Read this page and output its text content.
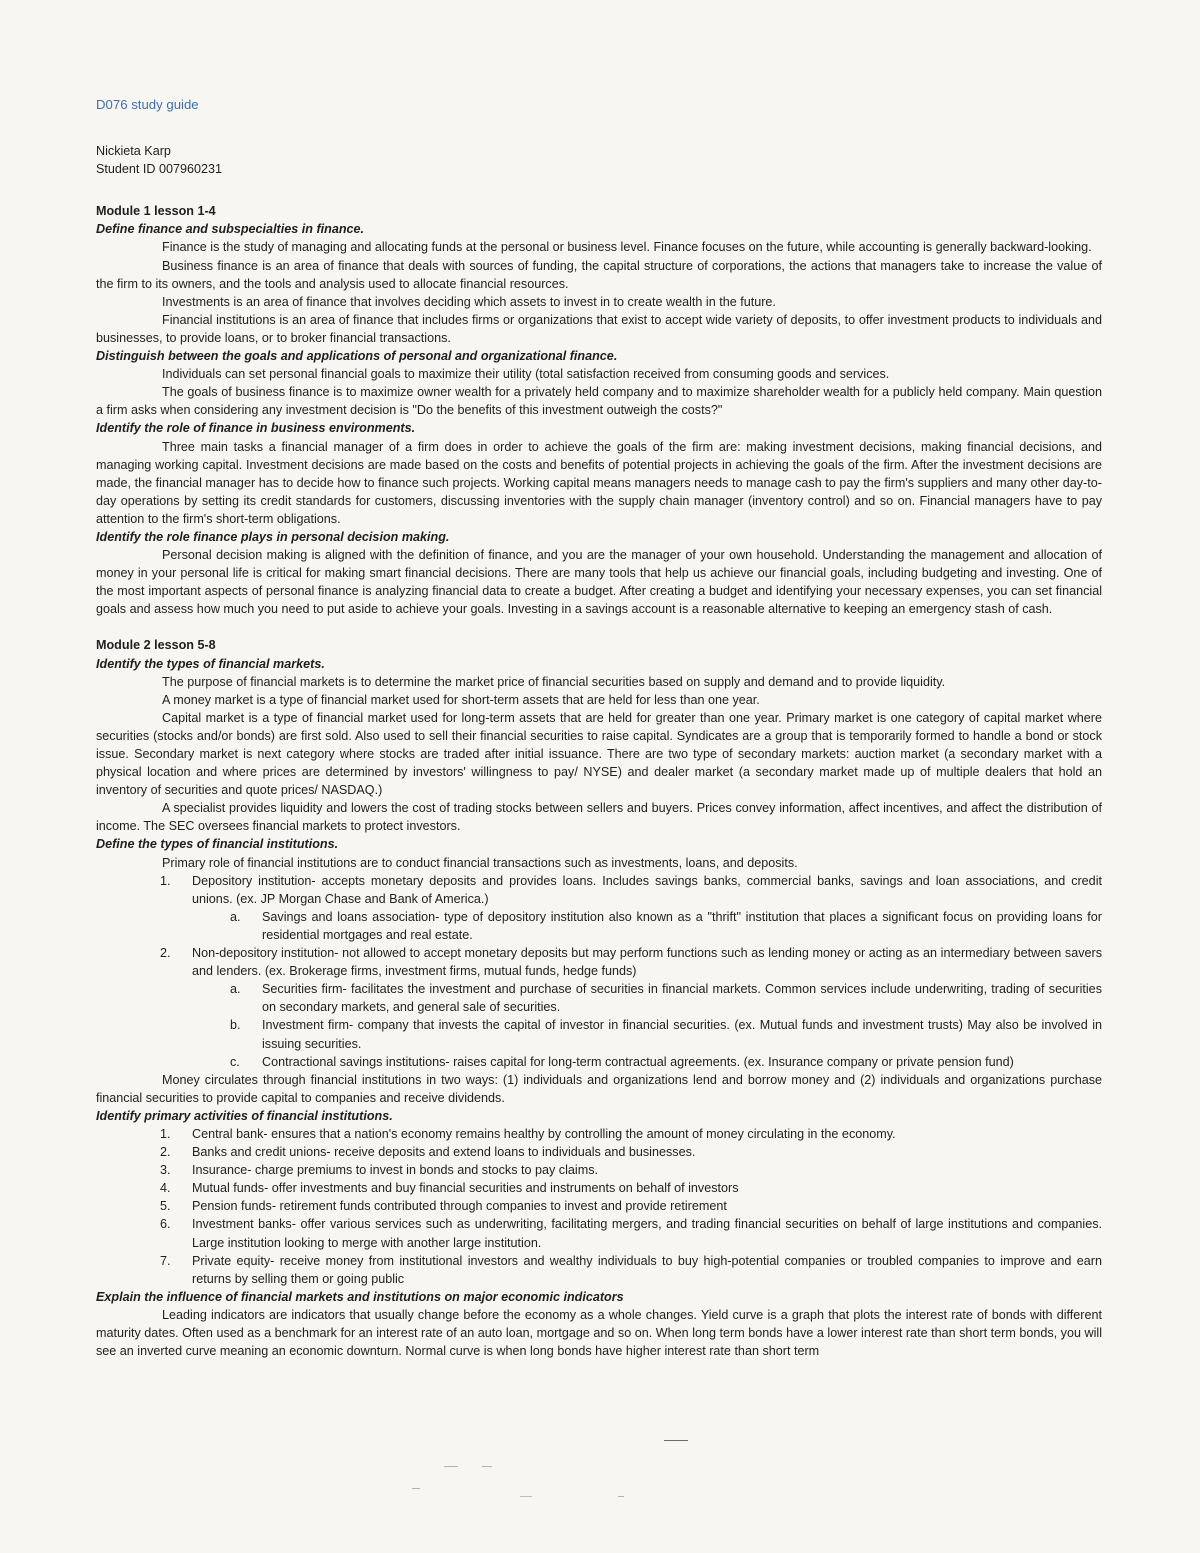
D076 study guide

Nickieta Karp

Student ID 007960231

Module 1 lesson 1-4

Define finance and subspecialties in finance.

Finance is the study of managing and allocating funds at the personal or business level. Finance focuses on the future, while accounting is generally backward-looking.

Business finance is an area of finance that deals with sources of funding, the capital structure of corporations, the actions that managers take to increase the value of the firm to its owners, and the tools and analysis used to allocate financial resources.

Investments is an area of finance that involves deciding which assets to invest in to create wealth in the future.

Financial institutions is an area of finance that includes firms or organizations that exist to accept wide variety of deposits, to offer investment products to individuals and businesses, to provide loans, or to broker financial transactions.

Distinguish between the goals and applications of personal and organizational finance.

Individuals can set personal financial goals to maximize their utility (total satisfaction received from consuming goods and services.

The goals of business finance is to maximize owner wealth for a privately held company and to maximize shareholder wealth for a publicly held company. Main question a firm asks when considering any investment decision is "Do the benefits of this investment outweigh the costs?"

Identify the role of finance in business environments.

Three main tasks a financial manager of a firm does in order to achieve the goals of the firm are: making investment decisions, making financial decisions, and managing working capital. Investment decisions are made based on the costs and benefits of potential projects in achieving the goals of the firm. After the investment decisions are made, the financial manager has to decide how to finance such projects. Working capital means managers needs to manage cash to pay the firm's suppliers and many other day-to-day operations by setting its credit standards for customers, discussing inventories with the supply chain manager (inventory control) and so on. Financial managers have to pay attention to the firm's short-term obligations.

Identify the role finance plays in personal decision making.

Personal decision making is aligned with the definition of finance, and you are the manager of your own household. Understanding the management and allocation of money in your personal life is critical for making smart financial decisions. There are many tools that help us achieve our financial goals, including budgeting and investing. One of the most important aspects of personal finance is analyzing financial data to create a budget. After creating a budget and identifying your necessary expenses, you can set financial goals and assess how much you need to put aside to achieve your goals. Investing in a savings account is a reasonable alternative to keeping an emergency stash of cash.

Module 2 lesson 5-8

Identify the types of financial markets.

The purpose of financial markets is to determine the market price of financial securities based on supply and demand and to provide liquidity.

A money market is a type of financial market used for short-term assets that are held for less than one year.

Capital market is a type of financial market used for long-term assets that are held for greater than one year. Primary market is one category of capital market where securities (stocks and/or bonds) are first sold. Also used to sell their financial securities to raise capital. Syndicates are a group that is temporarily formed to handle a bond or stock issue. Secondary market is next category where stocks are traded after initial issuance. There are two type of secondary markets: auction market (a secondary market with a physical location and where prices are determined by investors' willingness to pay/ NYSE) and dealer market (a secondary market made up of multiple dealers that hold an inventory of securities and quote prices/ NASDAQ.)

A specialist provides liquidity and lowers the cost of trading stocks between sellers and buyers. Prices convey information, affect incentives, and affect the distribution of income. The SEC oversees financial markets to protect investors.

Define the types of financial institutions.

Primary role of financial institutions are to conduct financial transactions such as investments, loans, and deposits.

1. Depository institution- accepts monetary deposits and provides loans. Includes savings banks, commercial banks, savings and loan associations, and credit unions. (ex. JP Morgan Chase and Bank of America.)
a. Savings and loans association- type of depository institution also known as a "thrift" institution that places a significant focus on providing loans for residential mortgages and real estate.
2. Non-depository institution- not allowed to accept monetary deposits but may perform functions such as lending money or acting as an intermediary between savers and lenders. (ex. Brokerage firms, investment firms, mutual funds, hedge funds)
a. Securities firm- facilitates the investment and purchase of securities in financial markets. Common services include underwriting, trading of securities on secondary markets, and general sale of securities.
b. Investment firm- company that invests the capital of investor in financial securities. (ex. Mutual funds and investment trusts) May also be involved in issuing securities.
c. Contractional savings institutions- raises capital for long-term contractual agreements. (ex. Insurance company or private pension fund)

Money circulates through financial institutions in two ways: (1) individuals and organizations lend and borrow money and (2) individuals and organizations purchase financial securities to provide capital to companies and receive dividends.

Identify primary activities of financial institutions.

1. Central bank- ensures that a nation's economy remains healthy by controlling the amount of money circulating in the economy.
2. Banks and credit unions- receive deposits and extend loans to individuals and businesses.
3. Insurance- charge premiums to invest in bonds and stocks to pay claims.
4. Mutual funds- offer investments and buy financial securities and instruments on behalf of investors
5. Pension funds- retirement funds contributed through companies to invest and provide retirement
6. Investment banks- offer various services such as underwriting, facilitating mergers, and trading financial securities on behalf of large institutions and companies. Large institution looking to merge with another large institution.
7. Private equity- receive money from institutional investors and wealthy individuals to buy high-potential companies or troubled companies to improve and earn returns by selling them or going public

Explain the influence of financial markets and institutions on major economic indicators

Leading indicators are indicators that usually change before the economy as a whole changes. Yield curve is a graph that plots the interest rate of bonds with different maturity dates. Often used as a benchmark for an interest rate of an auto loan, mortgage and so on. When long term bonds have a lower interest rate than short term bonds, you will see an inverted curve meaning an economic downturn. Normal curve is when long bonds have higher interest rate than short term
